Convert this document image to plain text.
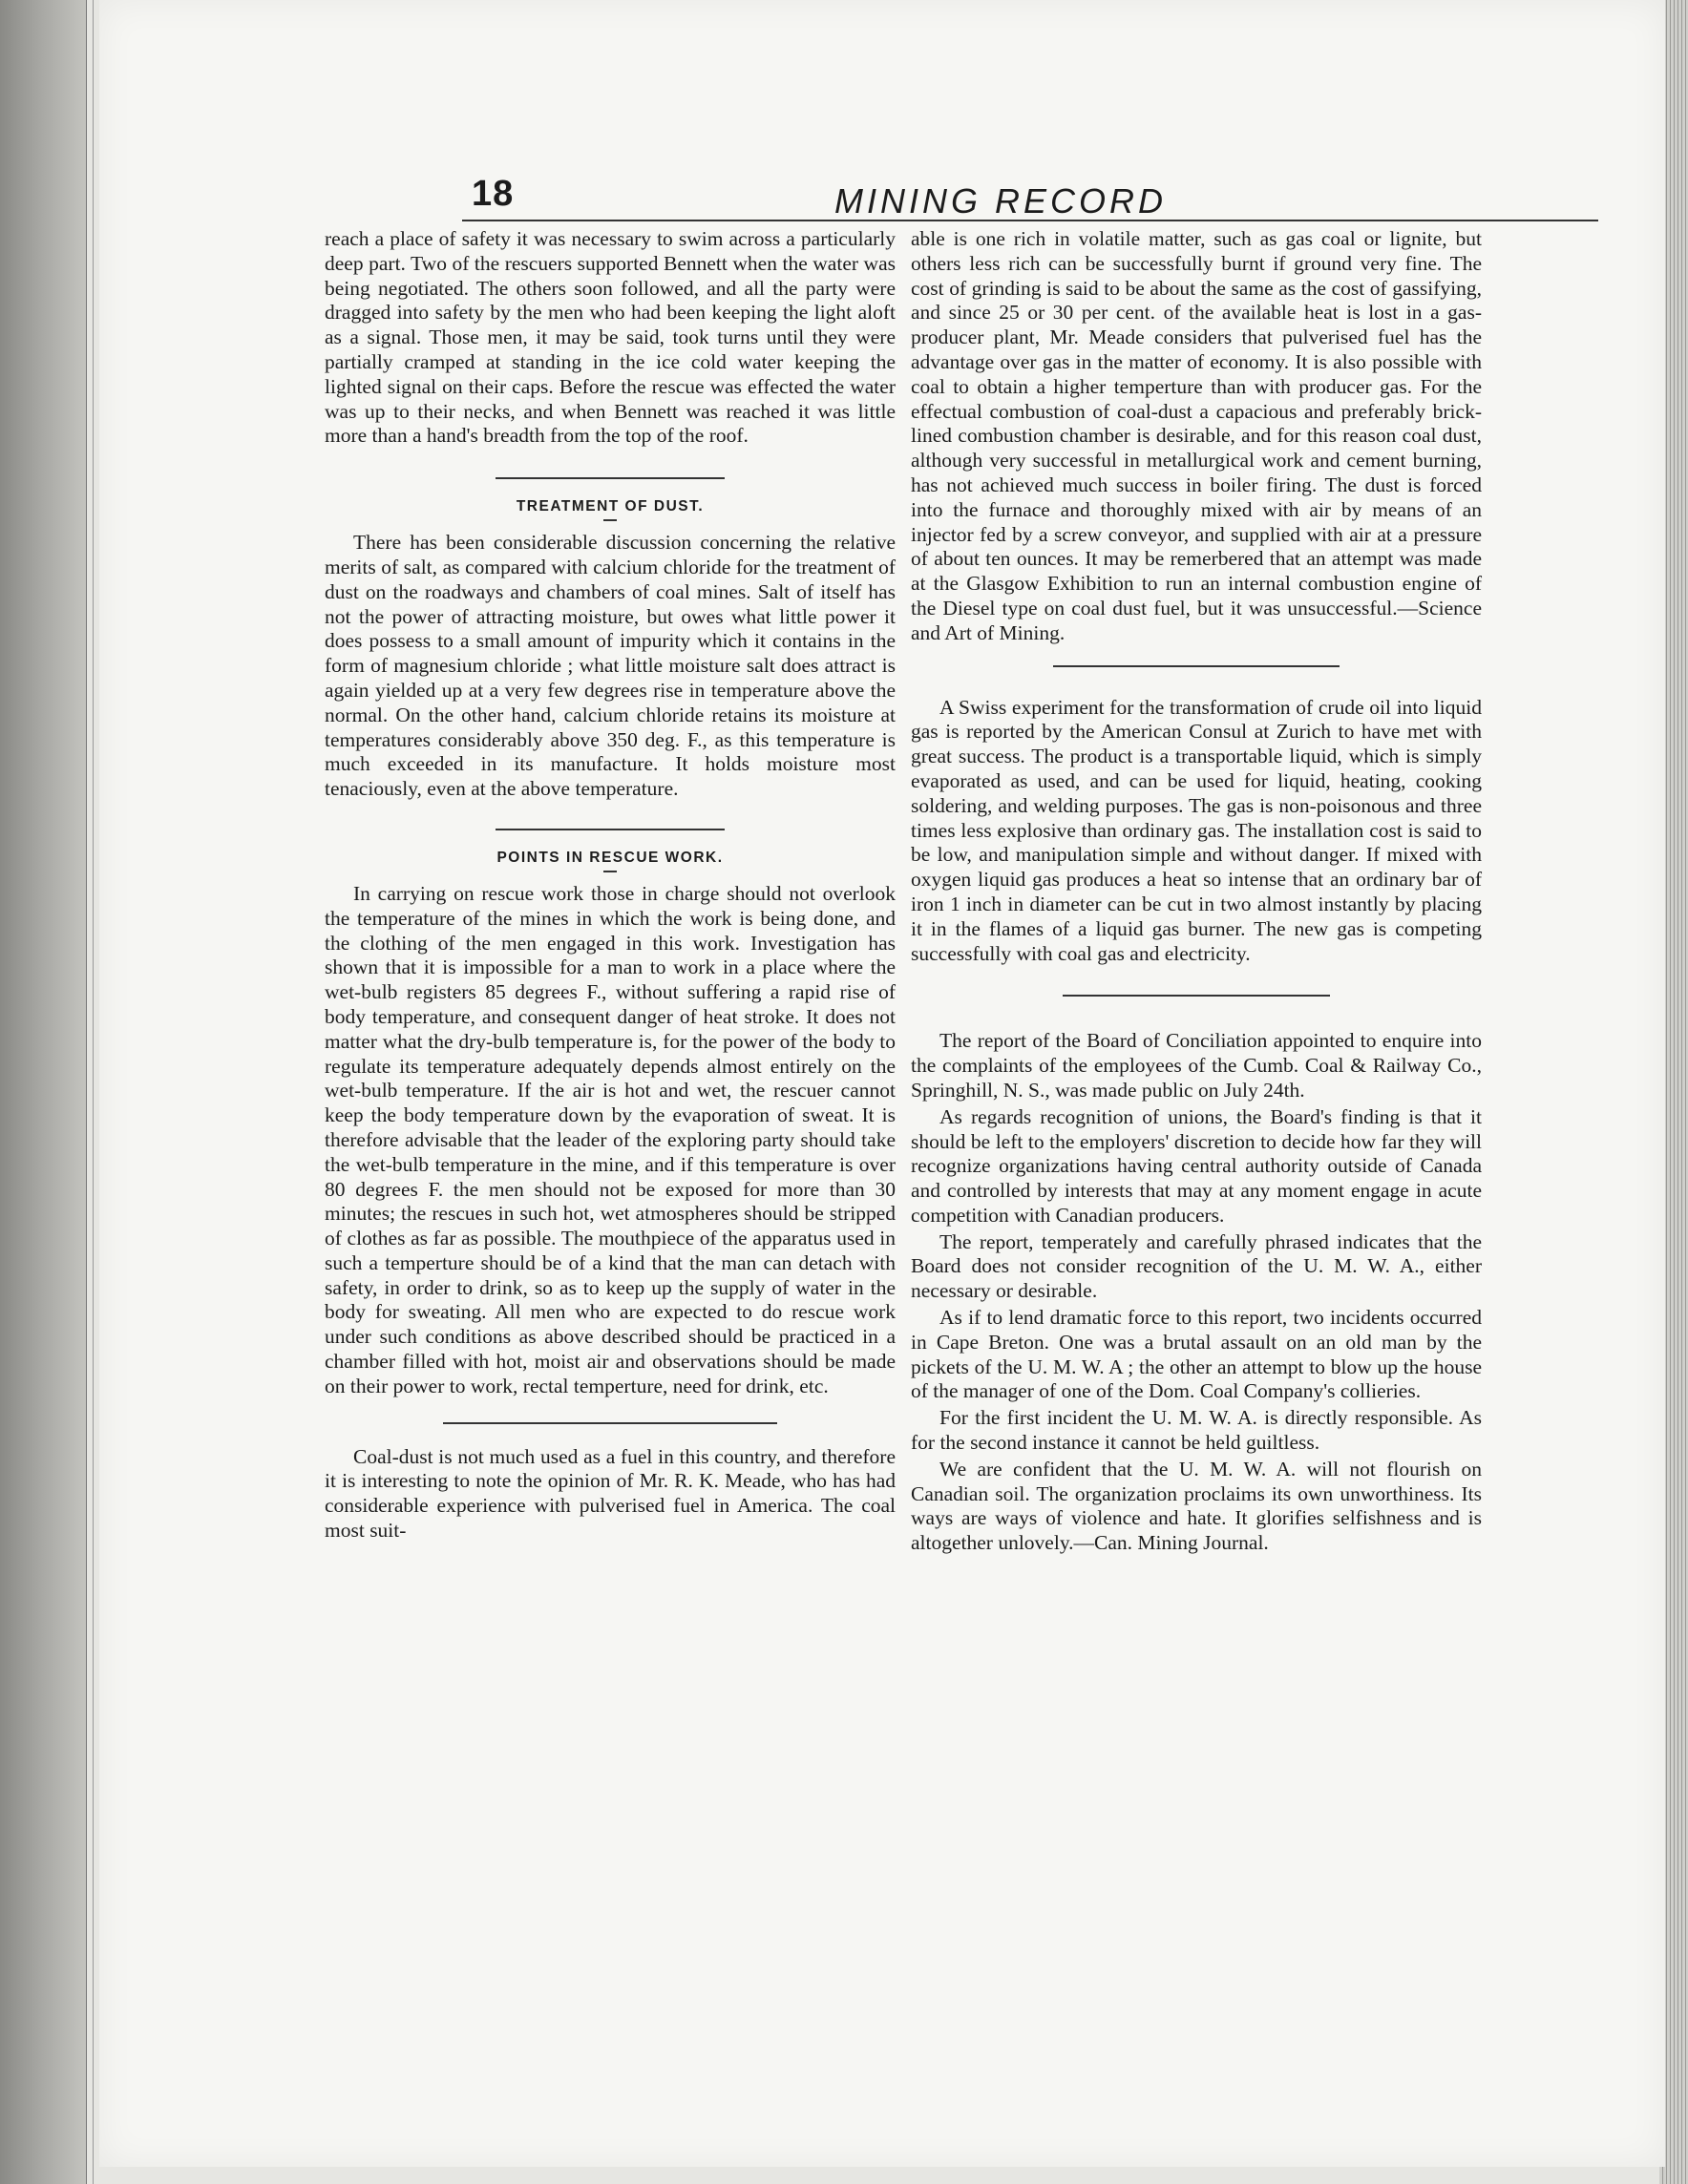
18	MINING RECORD

reach a place of safety it was necessary to swim across a particularly deep part. Two of the rescuers supported Bennett when the water was being negotiated. The others soon followed, and all the party were dragged into safety by the men who had been keeping the light aloft as a signal. Those men, it may be said, took turns until they were partially cramped at standing in the ice cold water keeping the lighted signal on their caps. Before the rescue was effected the water was up to their necks, and when Bennett was reached it was little more than a hand's breadth from the top of the roof.

TREATMENT OF DUST.

There has been considerable discussion concerning the relative merits of salt, as compared with calcium chloride for the treatment of dust on the roadways and chambers of coal mines. Salt of itself has not the power of attracting moisture, but owes what little power it does possess to a small amount of impurity which it contains in the form of magnesium chloride ; what little moisture salt does attract is again yielded up at a very few degrees rise in temperature above the normal. On the other hand, calcium chloride retains its moisture at temperatures considerably above 350 deg. F., as this temperature is much exceeded in its manufacture. It holds moisture most tenaciously, even at the above temperature.

POINTS IN RESCUE WORK.

In carrying on rescue work those in charge should not overlook the temperature of the mines in which the work is being done, and the clothing of the men engaged in this work. Investigation has shown that it is impossible for a man to work in a place where the wet-bulb registers 85 degrees F., without suffering a rapid rise of body temperature, and consequent danger of heat stroke. It does not matter what the dry-bulb temperature is, for the power of the body to regulate its temperature adequately depends almost entirely on the wet-bulb temperature. If the air is hot and wet, the rescuer cannot keep the body temperature down by the evaporation of sweat. It is therefore advisable that the leader of the exploring party should take the wet-bulb temperature in the mine, and if this temperature is over 80 degrees F. the men should not be exposed for more than 30 minutes; the rescues in such hot, wet atmospheres should be stripped of clothes as far as possible. The mouthpiece of the apparatus used in such a temperture should be of a kind that the man can detach with safety, in order to drink, so as to keep up the supply of water in the body for sweating. All men who are expected to do rescue work under such conditions as above described should be practiced in a chamber filled with hot, moist air and observations should be made on their power to work, rectal temperture, need for drink, etc.

Coal-dust is not much used as a fuel in this country, and therefore it is interesting to note the opinion of Mr. R. K. Meade, who has had considerable experience with pulverised fuel in America. The coal most suit-

able is one rich in volatile matter, such as gas coal or lignite, but others less rich can be successfully burnt if ground very fine. The cost of grinding is said to be about the same as the cost of gassifying, and since 25 or 30 per cent. of the available heat is lost in a gas-producer plant, Mr. Meade considers that pulverised fuel has the advantage over gas in the matter of economy. It is also possible with coal to obtain a higher temperture than with producer gas. For the effectual combustion of coal-dust a capacious and preferably brick-lined combustion chamber is desirable, and for this reason coal dust, although very successful in metallurgical work and cement burning, has not achieved much success in boiler firing. The dust is forced into the furnace and thoroughly mixed with air by means of an injector fed by a screw conveyor, and supplied with air at a pressure of about ten ounces. It may be remerbered that an attempt was made at the Glasgow Exhibition to run an internal combustion engine of the Diesel type on coal dust fuel, but it was unsuccessful.—Science and Art of Mining.

A Swiss experiment for the transformation of crude oil into liquid gas is reported by the American Consul at Zurich to have met with great success. The product is a transportable liquid, which is simply evaporated as used, and can be used for liquid, heating, cooking soldering, and welding purposes. The gas is non-poisonous and three times less explosive than ordinary gas. The installation cost is said to be low, and manipulation simple and without danger. If mixed with oxygen liquid gas produces a heat so intense that an ordinary bar of iron 1 inch in diameter can be cut in two almost instantly by placing it in the flames of a liquid gas burner. The new gas is competing successfully with coal gas and electricity.

The report of the Board of Conciliation appointed to enquire into the complaints of the employees of the Cumb. Coal & Railway Co., Springhill, N. S., was made public on July 24th.

As regards recognition of unions, the Board's finding is that it should be left to the employers' discretion to decide how far they will recognize organizations having central authority outside of Canada and controlled by interests that may at any moment engage in acute competition with Canadian producers.

The report, temperately and carefully phrased indicates that the Board does not consider recognition of the U. M. W. A., either necessary or desirable.

As if to lend dramatic force to this report, two incidents occurred in Cape Breton. One was a brutal assault on an old man by the pickets of the U. M. W. A ; the other an attempt to blow up the house of the manager of one of the Dom. Coal Company's collieries.

For the first incident the U. M. W. A. is directly responsible. As for the second instance it cannot be held guiltless.

We are confident that the U. M. W. A. will not flourish on Canadian soil. The organization proclaims its own unworthiness. Its ways are ways of violence and hate. It glorifies selfishness and is altogether unlovely.—Can. Mining Journal.
